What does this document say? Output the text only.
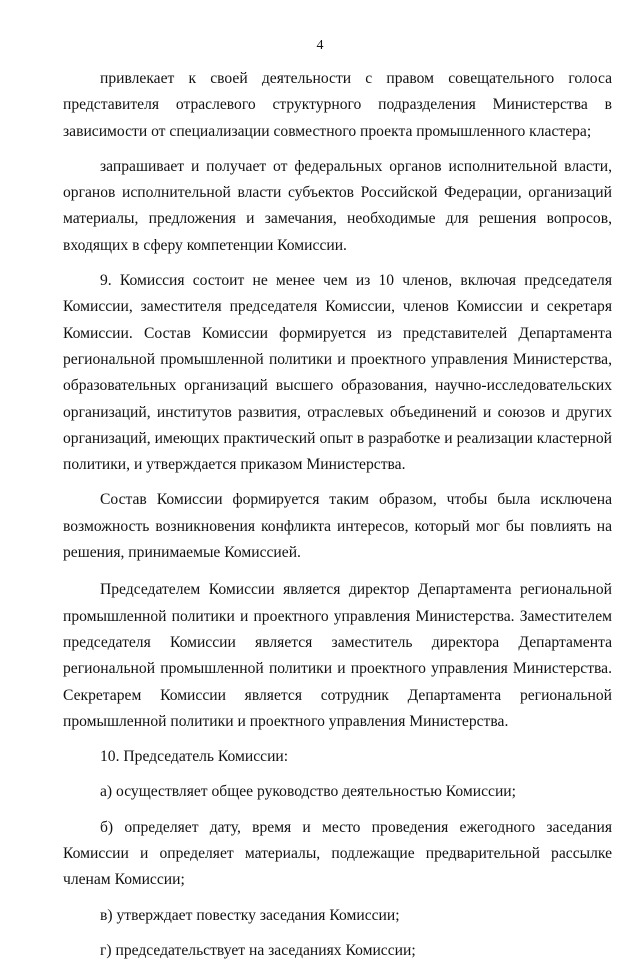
4

привлекает к своей деятельности с правом совещательного голоса представителя отраслевого структурного подразделения Министерства в зависимости от специализации совместного проекта промышленного кластера;

запрашивает и получает от федеральных органов исполнительной власти, органов исполнительной власти субъектов Российской Федерации, организаций материалы, предложения и замечания, необходимые для решения вопросов, входящих в сферу компетенции Комиссии.

9. Комиссия состоит не менее чем из 10 членов, включая председателя Комиссии, заместителя председателя Комиссии, членов Комиссии и секретаря Комиссии. Состав Комиссии формируется из представителей Департамента региональной промышленной политики и проектного управления Министерства, образовательных организаций высшего образования, научно-исследовательских организаций, институтов развития, отраслевых объединений и союзов и других организаций, имеющих практический опыт в разработке и реализации кластерной политики, и утверждается приказом Министерства.

Состав Комиссии формируется таким образом, чтобы была исключена возможность возникновения конфликта интересов, который мог бы повлиять на решения, принимаемые Комиссией.

Председателем Комиссии является директор Департамента региональной промышленной политики и проектного управления Министерства. Заместителем председателя Комиссии является заместитель директора Департамента региональной промышленной политики и проектного управления Министерства. Секретарем Комиссии является сотрудник Департамента региональной промышленной политики и проектного управления Министерства.

10. Председатель Комиссии:

а) осуществляет общее руководство деятельностью Комиссии;

б) определяет дату, время и место проведения ежегодного заседания Комиссии и определяет материалы, подлежащие предварительной рассылке членам Комиссии;

в) утверждает повестку заседания Комиссии;

г) председательствует на заседаниях Комиссии;
